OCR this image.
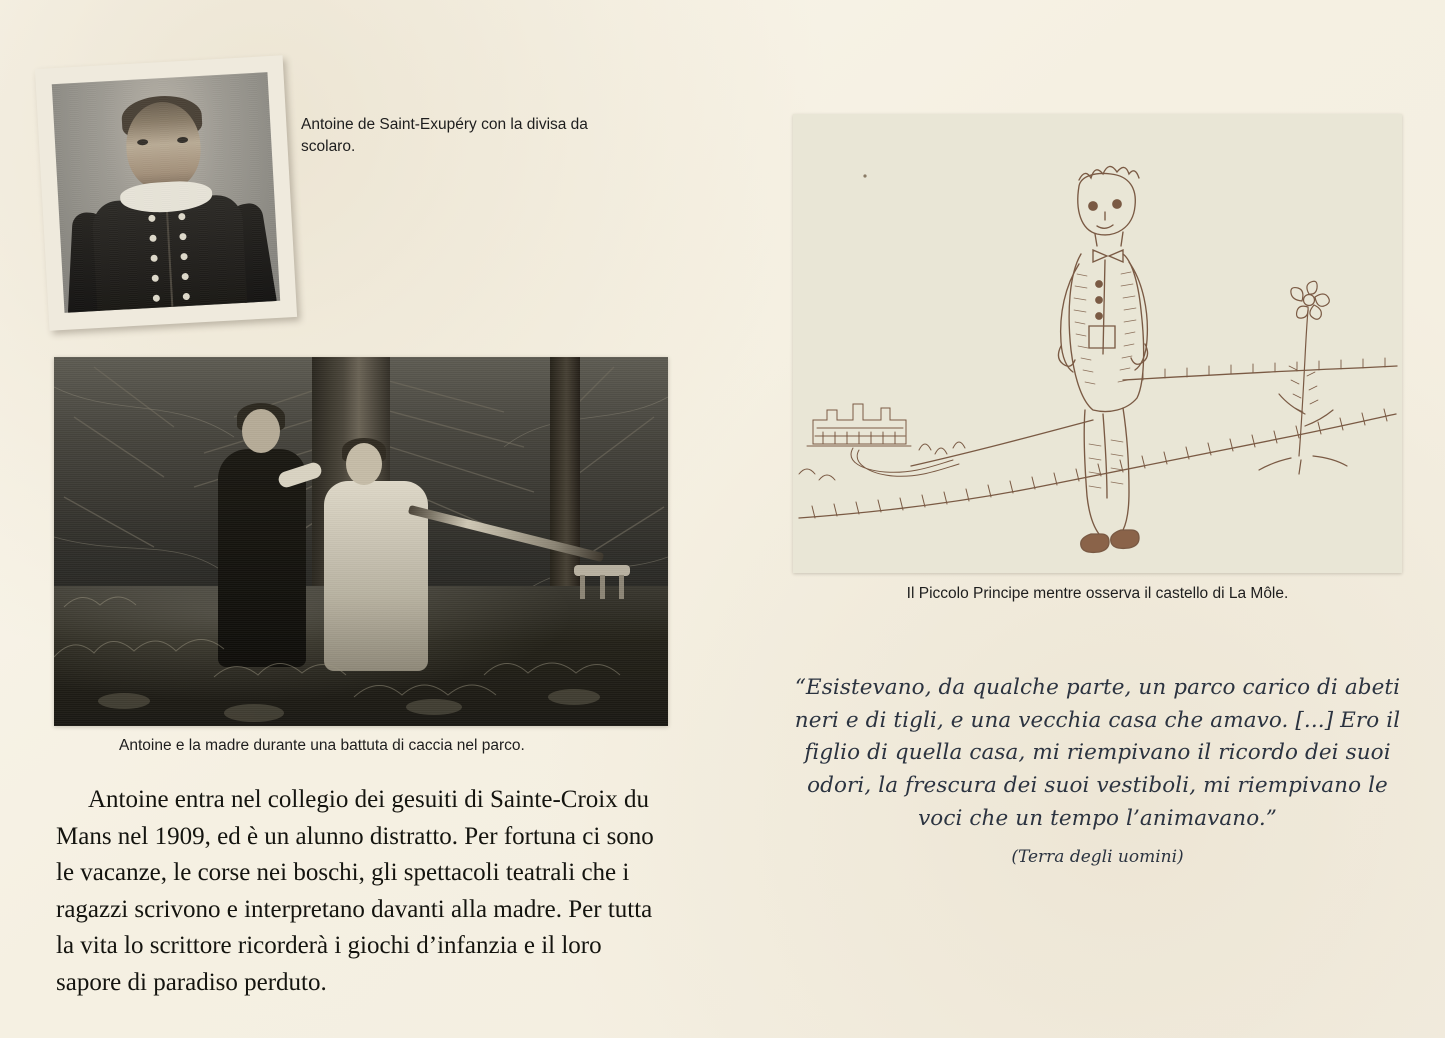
Antoine de Saint-Exupéry con la divisa da scolaro.
Antoine e la madre durante una battuta di caccia nel parco.
Antoine entra nel collegio dei gesuiti di Sainte-Croix du Mans nel 1909, ed è un alunno distratto. Per fortuna ci sono le vacanze, le corse nei boschi, gli spettacoli teatrali che i ragazzi scrivono e interpretano davanti alla madre. Per tutta la vita lo scrittore ricorderà i giochi d’infanzia e il loro sapore di paradiso perduto.
Il Piccolo Principe mentre osserva il castello di La Môle.
“Esistevano, da qualche parte, un parco carico di abeti neri e di tigli, e una vecchia casa che amavo. [...] Ero il figlio di quella casa, mi riempivano il ricordo dei suoi odori, la frescura dei suoi vestiboli, mi riempivano le voci che un tempo l’animavano.”
(Terra degli uomini)
